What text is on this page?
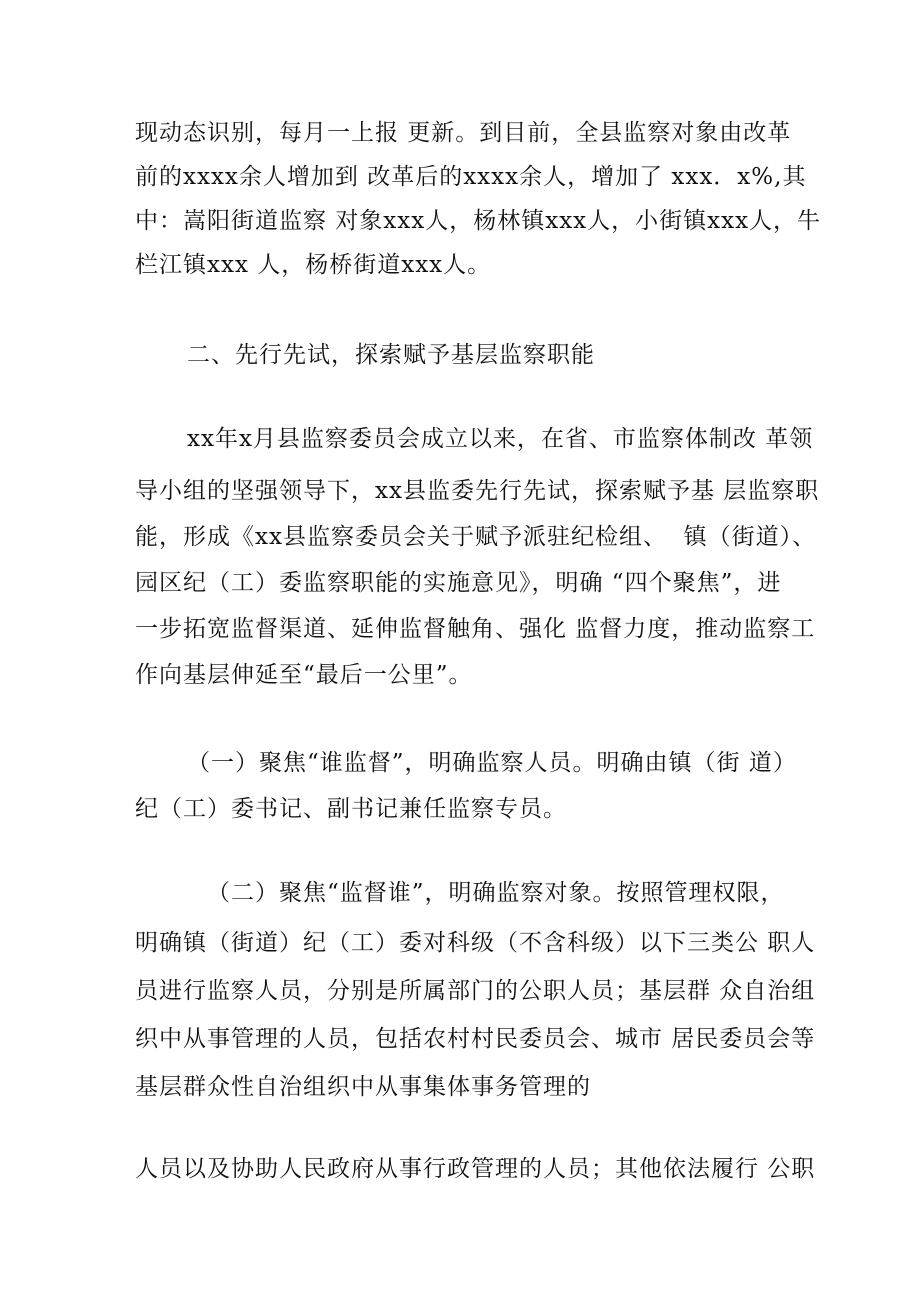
现动态识别，每月一上报 更新。到目前，全县监察对象由改革
前的xxxx余人增加到 改革后的xxxx余人，增加了 xxx．x%,其
中：嵩阳街道监察 对象xxx人，杨林镇xxx人，小街镇xxx人，牛
栏江镇xxx 人，杨桥街道xxx人。
二、先行先试，探索赋予基层监察职能
xx年x月县监察委员会成立以来，在省、市监察体制改 革领
导小组的坚强领导下，xx县监委先行先试，探索赋予基 层监察职
能，形成《xx县监察委员会关于赋予派驻纪检组、  镇（街道）、
园区纪（工）委监察职能的实施意见》，明确 “四个聚焦”，进
一步拓宽监督渠道、延伸监督触角、强化 监督力度，推动监察工
作向基层伸延至“最后一公里”。
（一）聚焦“谁监督”，明确监察人员。明确由镇（街 道）
纪（工）委书记、副书记兼任监察专员。
（二）聚焦“监督谁”，明确监察对象。按照管理权限，
明确镇（街道）纪（工）委对科级（不含科级）以下三类公 职人
员进行监察人员，分别是所属部门的公职人员；基层群 众自治组
织中从事管理的人员，包括农村村民委员会、城市 居民委员会等
基层群众性自治组织中从事集体事务管理的
人员以及协助人民政府从事行政管理的人员；其他依法履行 公职
